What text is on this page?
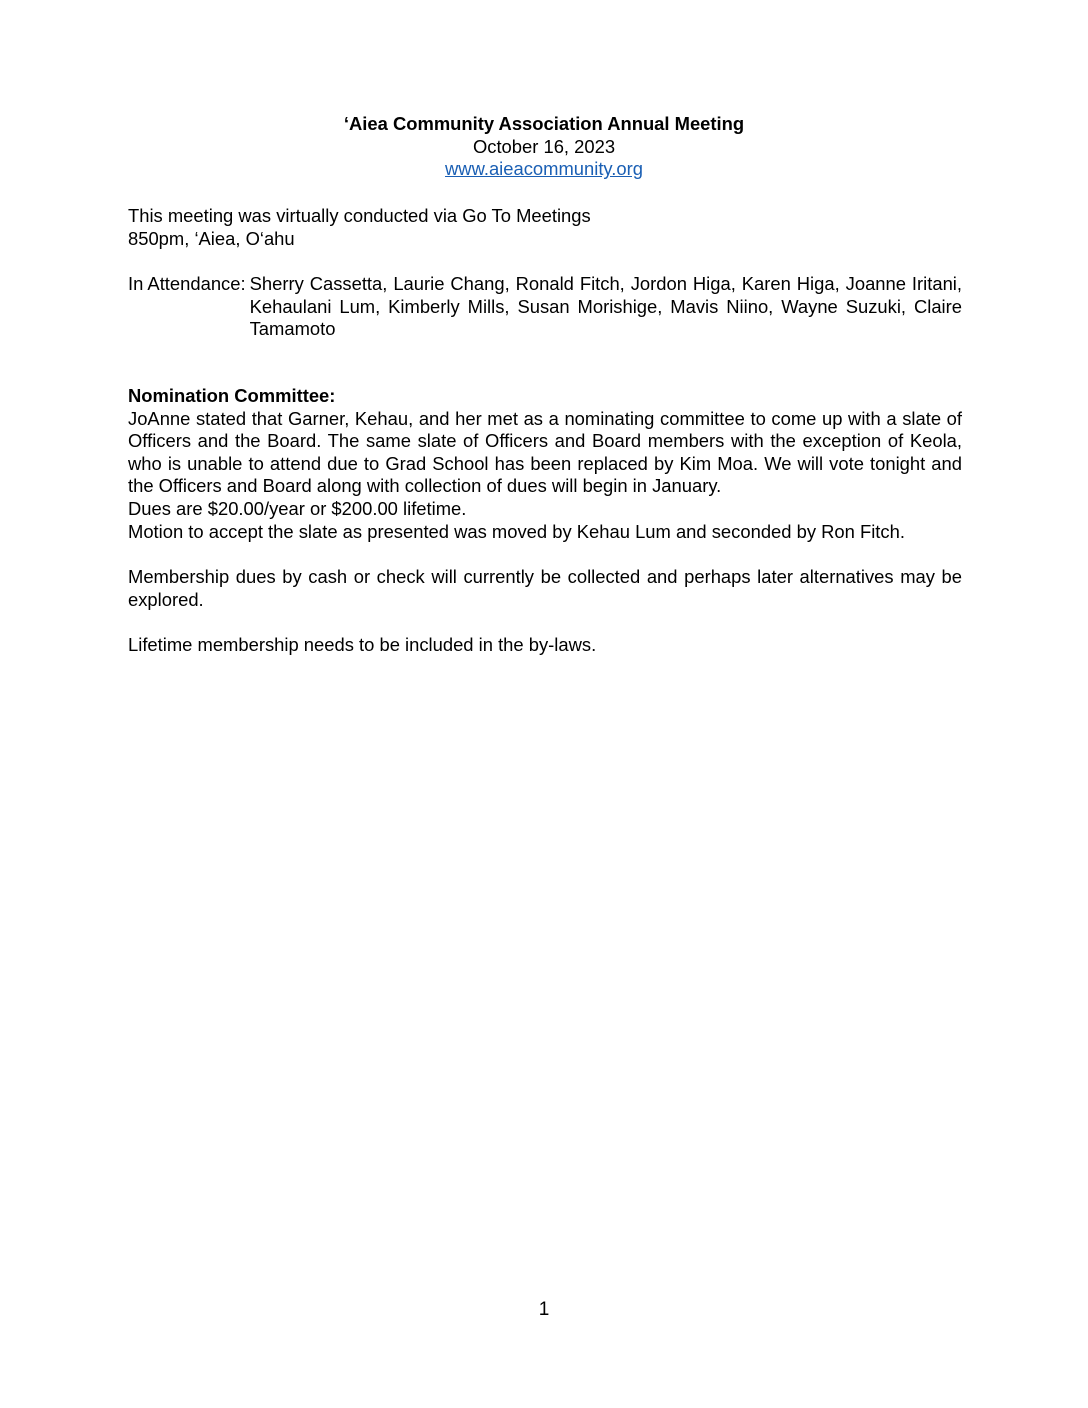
‘Aiea Community Association Annual Meeting
October 16, 2023
www.aieacommunity.org
This meeting was virtually conducted via Go To Meetings
850pm, ‘Aiea, O‘ahu
In Attendance: Sherry Cassetta, Laurie Chang, Ronald Fitch, Jordon Higa, Karen Higa, Joanne Iritani, Kehaulani Lum, Kimberly Mills, Susan Morishige, Mavis Niino, Wayne Suzuki, Claire Tamamoto
Nomination Committee:
JoAnne stated that Garner, Kehau, and her met as a nominating committee to come up with a slate of Officers and the Board. The same slate of Officers and Board members with the exception of Keola, who is unable to attend due to Grad School has been replaced by Kim Moa. We will vote tonight and the Officers and Board along with collection of dues will begin in January.
Dues are $20.00/year or $200.00 lifetime.
Motion to accept the slate as presented was moved by Kehau Lum and seconded by Ron Fitch.
Membership dues by cash or check will currently be collected and perhaps later alternatives may be explored.
Lifetime membership needs to be included in the by-laws.
1
